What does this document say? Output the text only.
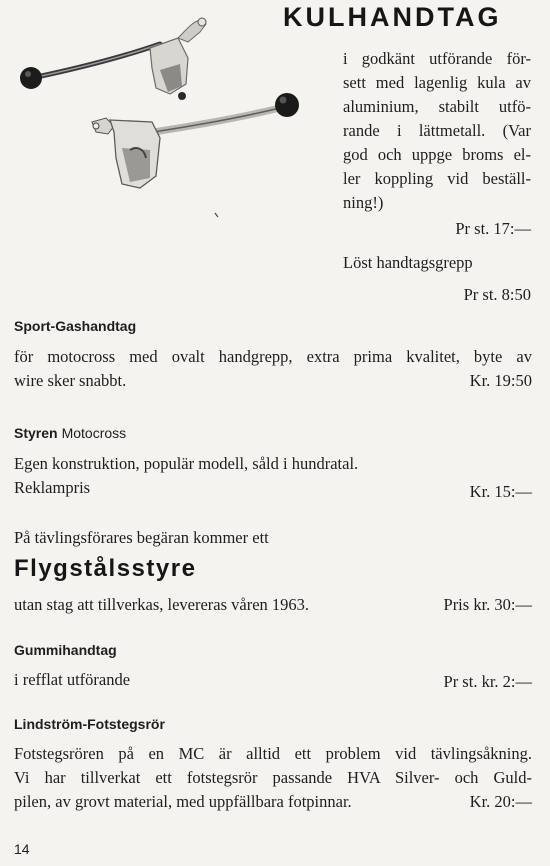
KULHANDTAG
i godkänt utförande för-
sett med lagenlig kula av
aluminium, stabilt utfö-
rande i lättmetall. (Var
god och uppge broms el-
ler koppling vid beställ-
ning!)
Pr st. 17:—
Löst handtagsgrepp
Pr st. 8:50
Sport-Gashandtag
för motocross med ovalt handgrepp, extra prima kvalitet, byte av
wire sker snabbt.	Kr. 19:50
Styren Motocross
Egen konstruktion, populär modell, såld i hundratal.
Reklampris	Kr. 15:—
På tävlingsförares begäran kommer ett
Flygstålsstyre
utan stag att tillverkas, levereras våren 1963.	Pris kr. 30:—
Gummihandtag
i refflat utförande	Pr st. kr. 2:—
Lindström-Fotstegsrör
Fotstegsrören på en MC är alltid ett problem vid tävlingsåkning.
Vi har tillverkat ett fotstegsrör passande HVA Silver- och Guld-
pilen, av grovt material, med uppfällbara fotpinnar.	Kr. 20:—
14
